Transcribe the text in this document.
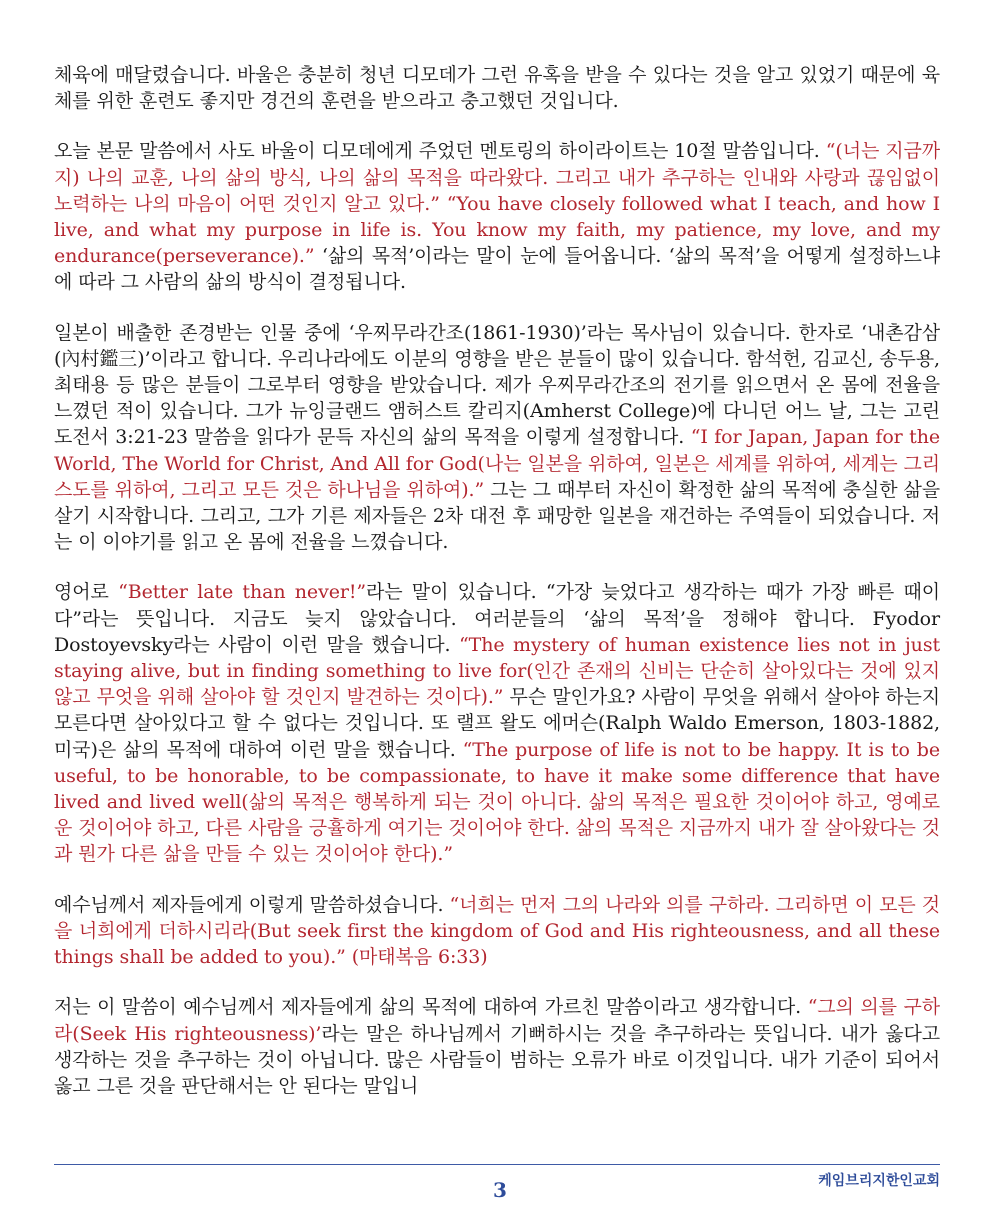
체육에 매달렸습니다. 바울은 충분히 청년 디모데가 그런 유혹을 받을 수 있다는 것을 알고 있었기 때문에 육체를 위한 훈련도 좋지만 경건의 훈련을 받으라고 충고했던 것입니다.

오늘 본문 말씀에서 사도 바울이 디모데에게 주었던 멘토링의 하이라이트는 10절 말씀입니다. “(너는 지금까지) 나의 교훈, 나의 삶의 방식, 나의 삶의 목적을 따라왔다. 그리고 내가 추구하는 인내와 사랑과 끊임없이 노력하는 나의 마음이 어떤 것인지 알고 있다.” “You have closely followed what I teach, and how I live, and what my purpose in life is. You know my faith, my patience, my love, and my endurance(perseverance).” ‘삶의 목적’이라는 말이 눈에 들어옵니다. ‘삶의 목적’을 어떻게 설정하느냐에 따라 그 사람의 삶의 방식이 결정됩니다.

일본이 배출한 존경받는 인물 중에 ‘우찌무라간조(1861-1930)’라는 목사님이 있습니다. 한자로 ‘내촌감삼(內村鑑三)’이라고 합니다. 우리나라에도 이분의 영향을 받은 분들이 많이 있습니다. 함석헌, 김교신, 송두용, 최태용 등 많은 분들이 그로부터 영향을 받았습니다. 제가 우찌무라간조의 전기를 읽으면서 온 몸에 전율을 느꼈던 적이 있습니다. 그가 뉴잉글랜드 앰허스트 칼리지(Amherst College)에 다니던 어느 날, 그는 고린도전서 3:21-23 말씀을 읽다가 문득 자신의 삶의 목적을 이렇게 설정합니다. “I for Japan, Japan for the World, The World for Christ, And All for God(나는 일본을 위하여, 일본은 세계를 위하여, 세계는 그리스도를 위하여, 그리고 모든 것은 하나님을 위하여).” 그는 그 때부터 자신이 확정한 삶의 목적에 충실한 삶을 살기 시작합니다. 그리고, 그가 기른 제자들은 2차 대전 후 패망한 일본을 재건하는 주역들이 되었습니다. 저는 이 이야기를 읽고 온 몸에 전율을 느꼈습니다.

영어로 “Better late than never!”라는 말이 있습니다. “가장 늦었다고 생각하는 때가 가장 빠른 때이다”라는 뜻입니다. 지금도 늦지 않았습니다. 여러분들의 ‘삶의 목적’을 정해야 합니다. Fyodor Dostoyevsky라는 사람이 이런 말을 했습니다. “The mystery of human existence lies not in just staying alive, but in finding something to live for(인간 존재의 신비는 단순히 살아있다는 것에 있지 않고 무엇을 위해 살아야 할 것인지 발견하는 것이다).” 무슨 말인가요? 사람이 무엇을 위해서 살아야 하는지 모른다면 살아있다고 할 수 없다는 것입니다. 또 랠프 왈도 에머슨(Ralph Waldo Emerson, 1803-1882, 미국)은 삶의 목적에 대하여 이런 말을 했습니다. “The purpose of life is not to be happy. It is to be useful, to be honorable, to be compassionate, to have it make some difference that have lived and lived well(삶의 목적은 행복하게 되는 것이 아니다. 삶의 목적은 필요한 것이어야 하고, 영예로운 것이어야 하고, 다른 사람을 긍휼하게 여기는 것이어야 한다. 삶의 목적은 지금까지 내가 잘 살아왔다는 것과 뭔가 다른 삶을 만들 수 있는 것이어야 한다).”

예수님께서 제자들에게 이렇게 말씀하셨습니다. “너희는 먼저 그의 나라와 의를 구하라. 그리하면 이 모든 것을 너희에게 더하시리라(But seek first the kingdom of God and His righteousness, and all these things shall be added to you).” (마태복음 6:33)

저는 이 말씀이 예수님께서 제자들에게 삶의 목적에 대하여 가르친 말씀이라고 생각합니다. “그의 의를 구하라(Seek His righteousness)’라는 말은 하나님께서 기뻐하시는 것을 추구하라는 뜻입니다. 내가 옳다고 생각하는 것을 추구하는 것이 아닙니다. 많은 사람들이 범하는 오류가 바로 이것입니다. 내가 기준이 되어서 옳고 그른 것을 판단해서는 안 된다는 말입니

3	케임브리지한인교회
